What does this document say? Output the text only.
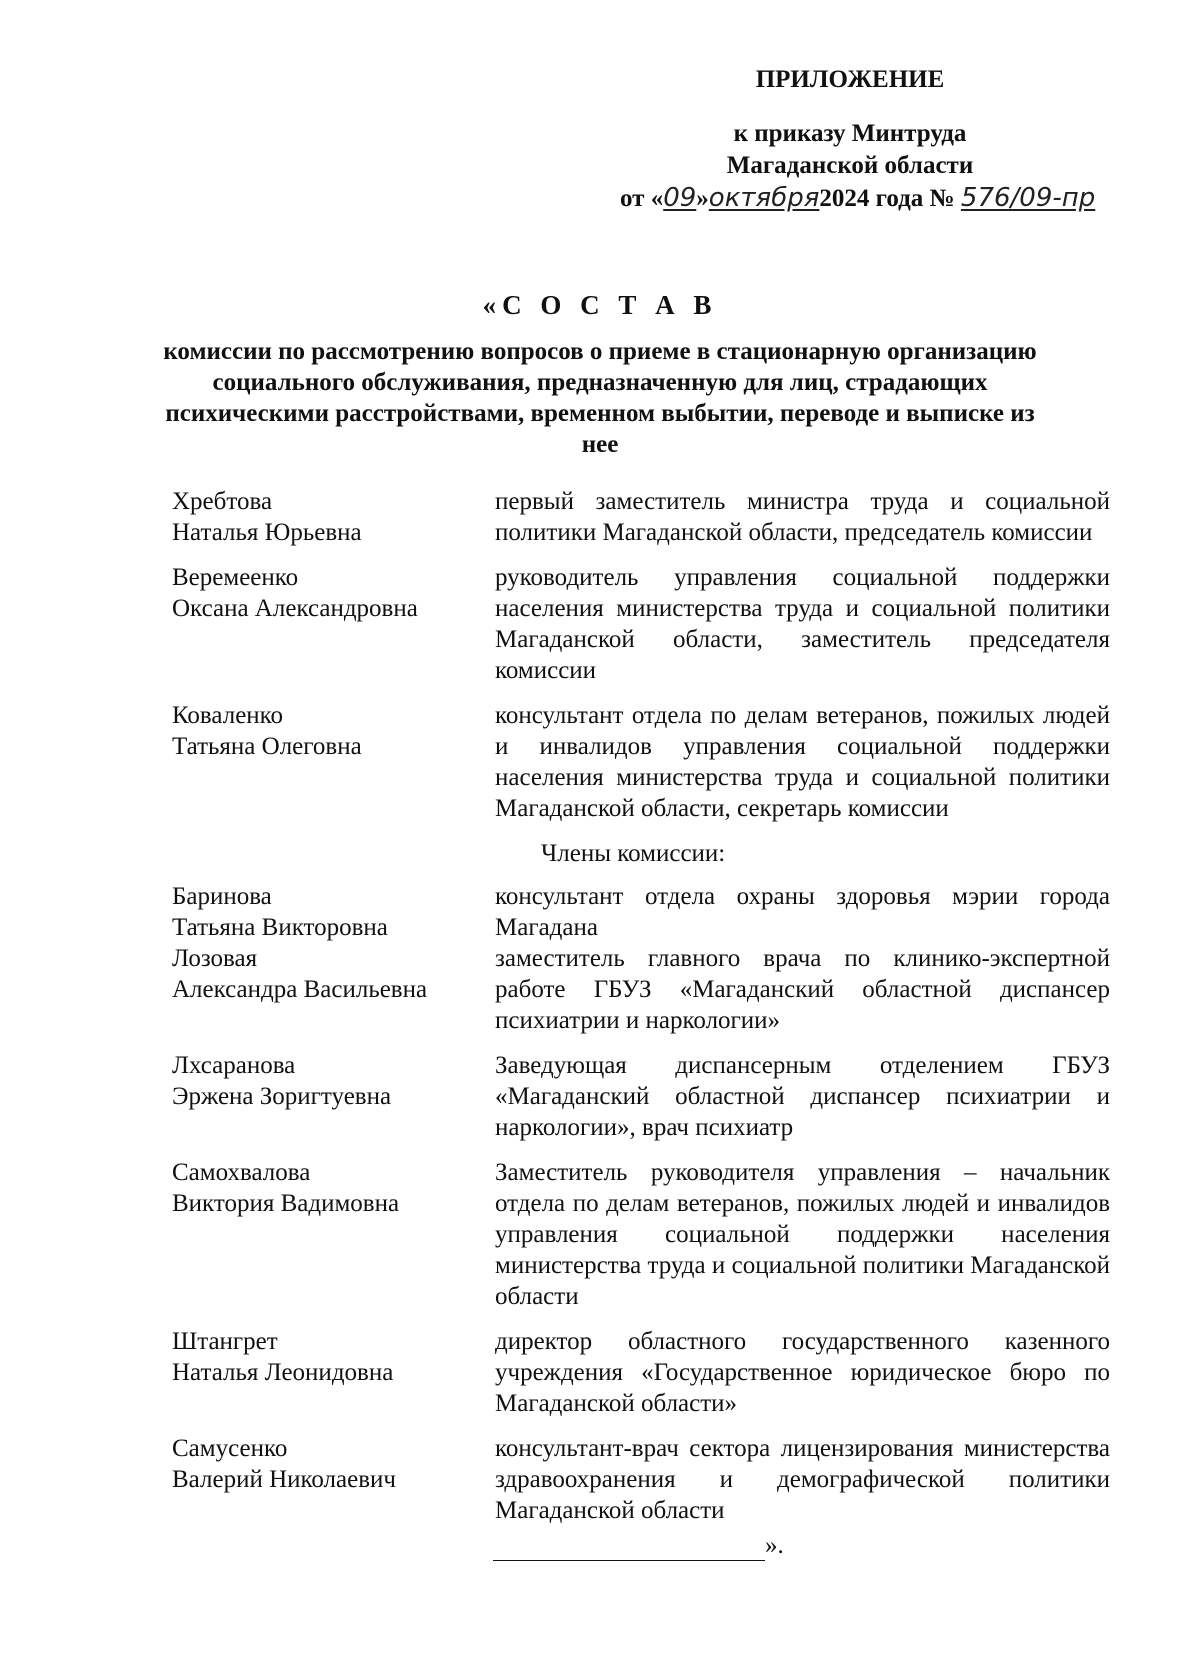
ПРИЛОЖЕНИЕ
к приказу Минтруда
Магаданской области
от «09»октября2024 года № 576/09-пр
«С О С Т А В
комиссии по рассмотрению вопросов о приеме в стационарную организацию социального обслуживания, предназначенную для лиц, страдающих психическими расстройствами, временном выбытии, переводе и выписке из нее
Хребтова
Наталья Юрьевна
первый заместитель министра труда и социальной политики Магаданской области, председатель комиссии
Веремеенко
Оксана Александровна
руководитель управления социальной поддержки населения министерства труда и социальной политики Магаданской области, заместитель председателя комиссии
Коваленко
Татьяна Олеговна
консультант отдела по делам ветеранов, пожилых людей и инвалидов управления социальной поддержки населения министерства труда и социальной политики Магаданской области, секретарь комиссии
Члены комиссии:
Баринова
Татьяна Викторовна
консультант отдела охраны здоровья мэрии города Магадана
Лозовая
Александра Васильевна
заместитель главного врача по клинико-экспертной работе ГБУЗ «Магаданский областной диспансер психиатрии и наркологии»
Лхсаранова
Эржена Зоригтуевна
Заведующая диспансерным отделением ГБУЗ «Магаданский областной диспансер психиатрии и наркологии», врач психиатр
Самохвалова
Виктория Вадимовна
Заместитель руководителя управления – начальник отдела по делам ветеранов, пожилых людей и инвалидов управления социальной поддержки населения министерства труда и социальной политики Магаданской области
Штангрет
Наталья Леонидовна
директор областного государственного казенного учреждения «Государственное юридическое бюро по Магаданской области»
Самусенко
Валерий Николаевич
консультант-врач сектора лицензирования министерства здравоохранения и демографической политики Магаданской области
».
